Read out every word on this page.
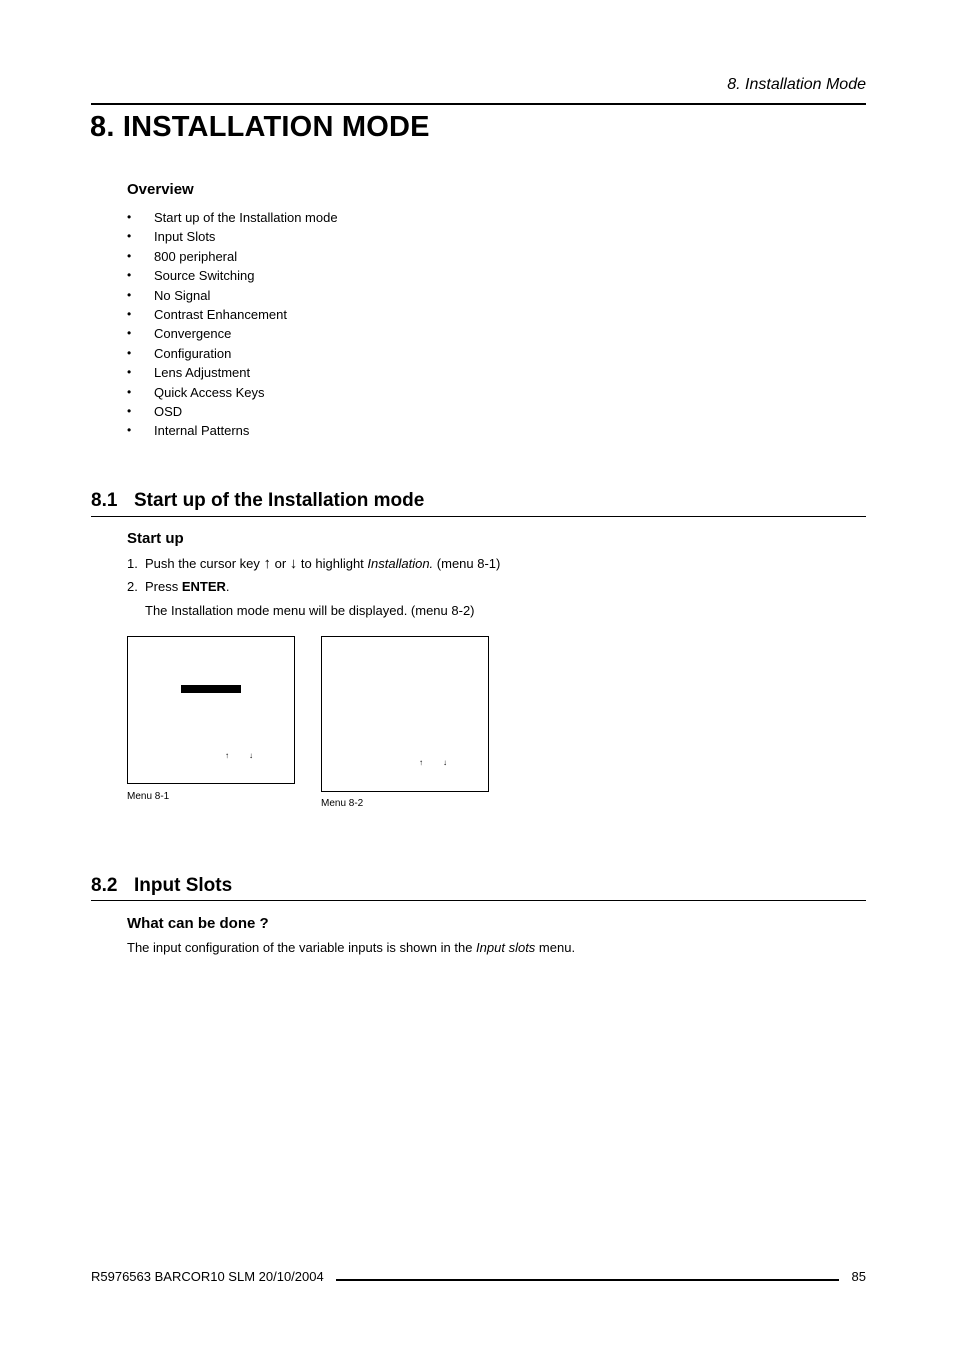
8. Installation Mode
8. INSTALLATION MODE
Overview
• Start up of the Installation mode
• Input Slots
• 800 peripheral
• Source Switching
• No Signal
• Contrast Enhancement
• Convergence
• Configuration
• Lens Adjustment
• Quick Access Keys
• OSD
• Internal Patterns
8.1 Start up of the Installation mode
Start up
1. Push the cursor key ↑ or ↓ to highlight Installation. (menu 8-1)
2. Press ENTER.
The Installation mode menu will be displayed. (menu 8-2)
↑	↓
Menu 8-1
↑	↓
Menu 8-2
8.2 Input Slots
What can be done ?
The input configuration of the variable inputs is shown in the Input slots menu.
R5976563 BARCOR10 SLM 20/10/2004	85
